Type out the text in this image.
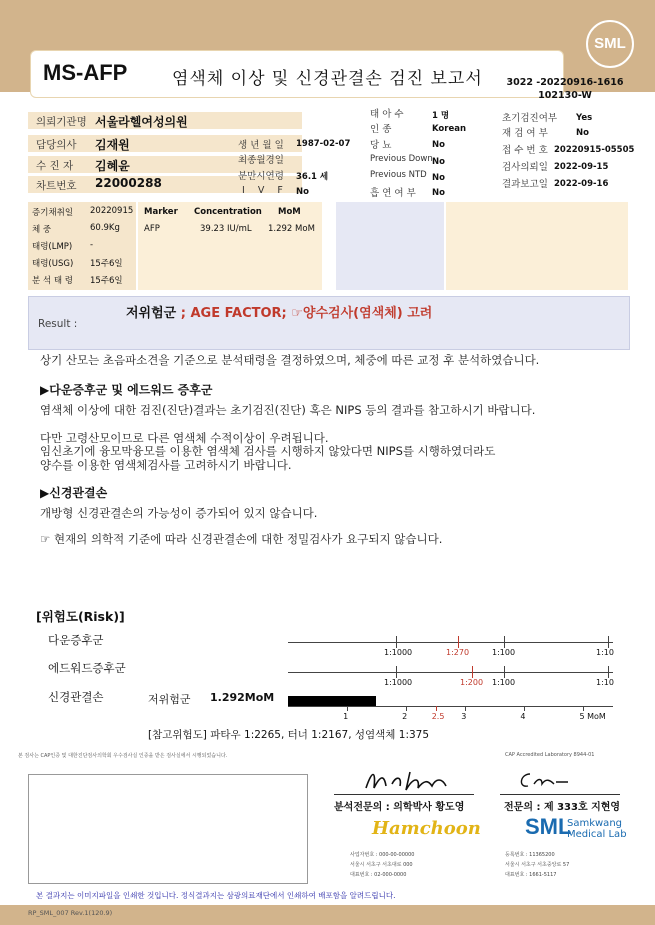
SML
MS-AFP	염색체 이상 및 신경관결손 검진 보고서	3022 -20220916-1616
102130-W
의뢰기관명 서울라헬여성의원
담당의사 김재원
수 진 자 김혜윤
차트번호 22000288
생 년 월 일 1987-02-07
최종월경일
분만시연령 36.1 세
I V F No
태 아 수	1 명
인 종	Korean
당 뇨	No
Previous Down No
Previous NTD No
흡 연 여 부 No
초기검진여부 Yes
재 검 여 부	No
접 수 번 호 20220915-05505
검사의뢰일 2022-09-15
결과보고일 2022-09-16
증기채취일 20220915
체 중	60.9Kg
태령(LMP) -
태령(USG) 15주6일
분 석 태 령 15주6일
Marker Concentration MoM
AFP	39.23 IU/mL 1.292 MoM
Result :
저위험군 ; AGE FACTOR; ☞양수검사(염색체) 고려
상기 산모는 초음파소견을 기준으로 분석태령을 결정하였으며, 체중에 따른 교정 후 분석하였습니다.
▶다운증후군 및 에드워드 증후군
염색체 이상에 대한 검진(진단)결과는 초기검진(진단) 혹은 NIPS 등의 결과를 참고하시기 바랍니다.
다만 고령산모이므로 다른 염색체 수적이상이 우려됩니다.
임신초기에 융모막융모를 이용한 염색체 검사를 시행하지 않았다면 NIPS를 시행하였더라도
양수를 이용한 염색체검사를 고려하시기 바랍니다.
▶신경관결손
개방형 신경관결손의 가능성이 증가되어 있지 않습니다.
☞ 현재의 의학적 기준에 따라 신경관결손에 대한 정밀검사가 요구되지 않습니다.
[위험도(Risk)]
다운증후군
에드워드증후군
신경관결손	저위험군 1.292MoM
1:1000	1:270	1:100	1:10
1:1000	1:200 1:100	1:10
1	2	2.5 3	4	5 MoM
[참고위험도] 파타우 1:2265, 터너 1:2167, 성염색체 1:375
본 검사는 CAP인증 및 대한진단검사의학회 우수검사실 인증을 받은 검사실에서 시행되었습니다.	CAP Accredited Laboratory 8944-01
분석전문의 : 의학박사 황도영	전문의 : 제 333호 지현영
Hamchoon SML
Samkwang
Medical Lab
사업자번호 : 000-00-00000
서울시 서초구 서초대로 000
대표번호 : 02-000-0000
등록번호 : 11365200
서울시 서초구 서초중앙로 57
대표번호 : 1661-5117
본 결과지는 이미지파일을 인쇄한 것입니다. 정식결과지는 삼광의료재단에서 인쇄하여 배포함을 알려드립니다.
RP_SML_007 Rev.1(120.9)
